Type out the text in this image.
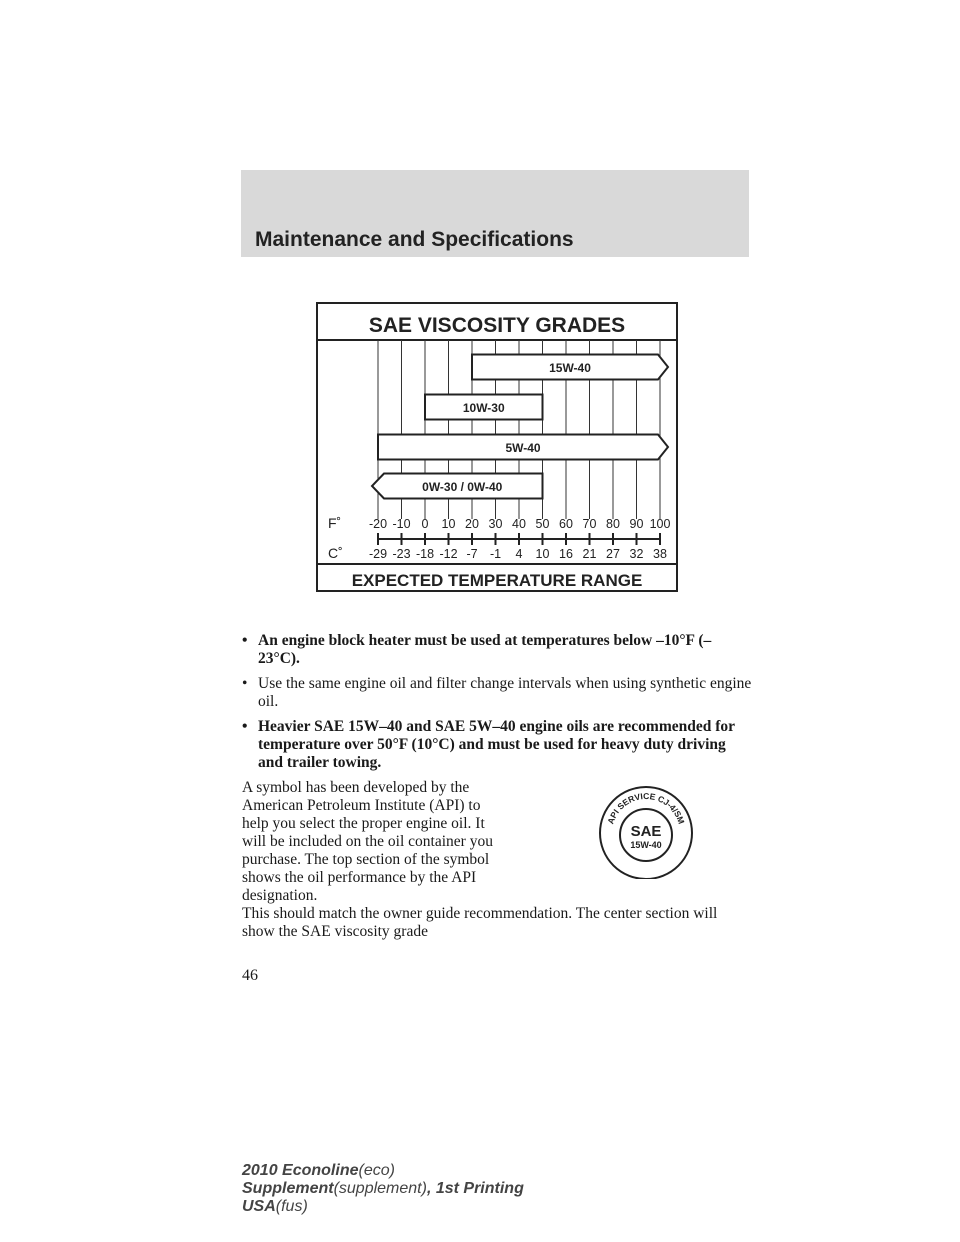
Maintenance and Specifications
SAE VISCOSITY GRADES
15W-40
10W-30
5W-40
0W-30 / 0W-40
F˚
C˚
-20
-29
-10
-23
0
-18
10
-12
20
-7
30
-1
40
4
50
10
60
16
70
21
80
27
90
32
100
38
EXPECTED TEMPERATURE RANGE
• An engine block heater must be used at temperatures below –10°F (–23°C).
• Use the same engine oil and filter change intervals when using synthetic engine oil.
• Heavier SAE 15W–40 and SAE 5W–40 engine oils are recommended for temperature over 50°F (10°C) and must be used for heavy duty driving and trailer towing.
A symbol has been developed by the American Petroleum Institute (API) to help you select the proper engine oil. It will be included on the oil container you purchase. The top section of the symbol shows the oil performance by the API designation.
This should match the owner guide recommendation. The center section will show the SAE viscosity grade
API SERVICE CJ-4/SM
SAE
15W-40
46
2010 Econoline(eco)
Supplement(supplement), 1st Printing
USA(fus)
